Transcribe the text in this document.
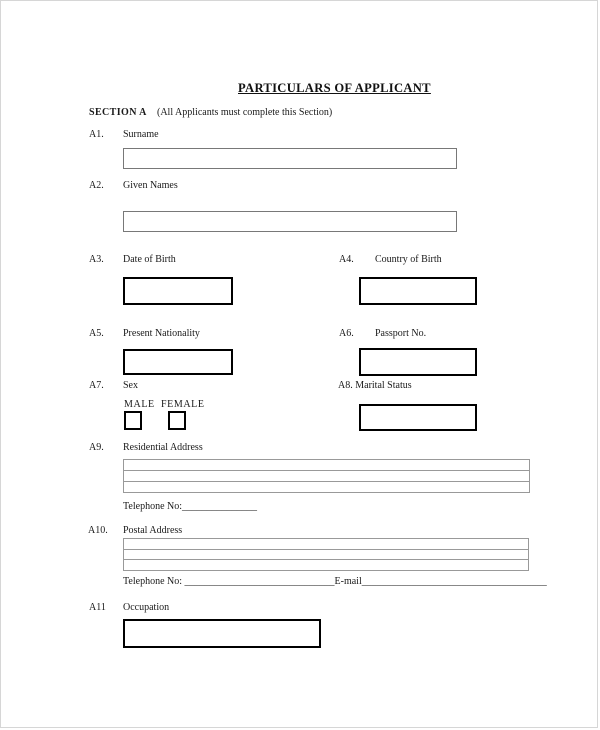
PARTICULARS OF APPLICANT
SECTION A (All Applicants must complete this Section)
A1. Surname
A2. Given Names
A3. Date of Birth	A4. Country of Birth
A5. Present Nationality	A6. Passport No.
A7. Sex
MALE FEMALE
A8. Marital Status
A9. Residential Address
Telephone No:_______________
A10. Postal Address
Telephone No: ______________________________E-mail_____________________________________
A11 Occupation
